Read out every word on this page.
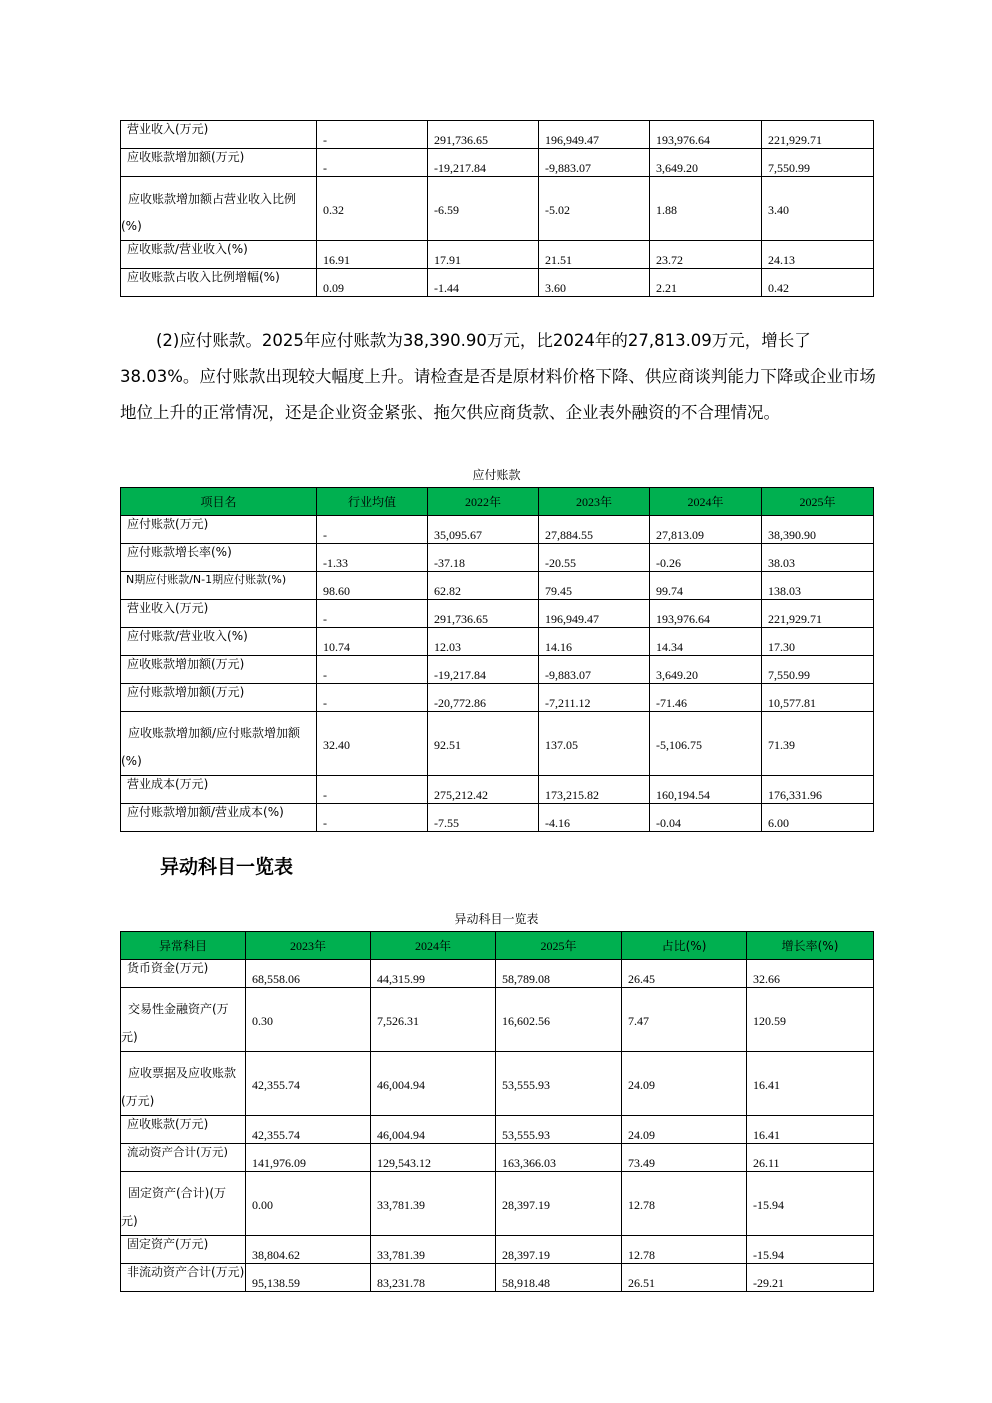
营业收入(万元)	-	291,736.65	196,949.47	193,976.64	221,929.71

应收账款增加额(万元)	-	-19,217.84	-9,883.07	3,649.20	7,550.99

应收账款增加额占营业收入比例(%)	0.32	-6.59	-5.02	1.88	3.40

应收账款/营业收入(%)	16.91	17.91	21.51	23.72	24.13

应收账款占收入比例增幅(%)	0.09	-1.44	3.60	2.21	0.42
(2)应付账款。2025年应付账款为38,390.90万元，比2024年的27,813.09万元，增长了38.03%。应付账款出现较大幅度上升。请检查是否是原材料价格下降、供应商谈判能力下降或企业市场地位上升的正常情况，还是企业资金紧张、拖欠供应商货款、企业表外融资的不合理情况。
应付账款
项目名	行业均值	2022年	2023年	2024年	2025年
应付账款(万元)	-	35,095.67	27,884.55	27,813.09	38,390.90

应付账款增长率(%)	-1.33	-37.18	-20.55	-0.26	38.03

N期应付账款/N-1期应付账款(%)	98.60	62.82	79.45	99.74	138.03

营业收入(万元)	-	291,736.65	196,949.47	193,976.64	221,929.71

应付账款/营业收入(%)	10.74	12.03	14.16	14.34	17.30

应收账款增加额(万元)	-	-19,217.84	-9,883.07	3,649.20	7,550.99

应付账款增加额(万元)	-	-20,772.86	-7,211.12	-71.46	10,577.81

应收账款增加额/应付账款增加额(%)	32.40	92.51	137.05	-5,106.75	71.39

营业成本(万元)	-	275,212.42	173,215.82	160,194.54	176,331.96

应付账款增加额/营业成本(%)	-	-7.55	-4.16	-0.04	6.00
异动科目一览表
异动科目一览表
异常科目	2023年	2024年	2025年	占比(%)	增长率(%)
货币资金(万元)	68,558.06	44,315.99	58,789.08	26.45	32.66

交易性金融资产(万元)	0.30	7,526.31	16,602.56	7.47	120.59

应收票据及应收账款(万元)	42,355.74	46,004.94	53,555.93	24.09	16.41

应收账款(万元)	42,355.74	46,004.94	53,555.93	24.09	16.41

流动资产合计(万元)	141,976.09	129,543.12	163,366.03	73.49	26.11

固定资产(合计)(万元)	0.00	33,781.39	28,397.19	12.78	-15.94

固定资产(万元)	38,804.62	33,781.39	28,397.19	12.78	-15.94

非流动资产合计(万元)	95,138.59	83,231.78	58,918.48	26.51	-29.21
